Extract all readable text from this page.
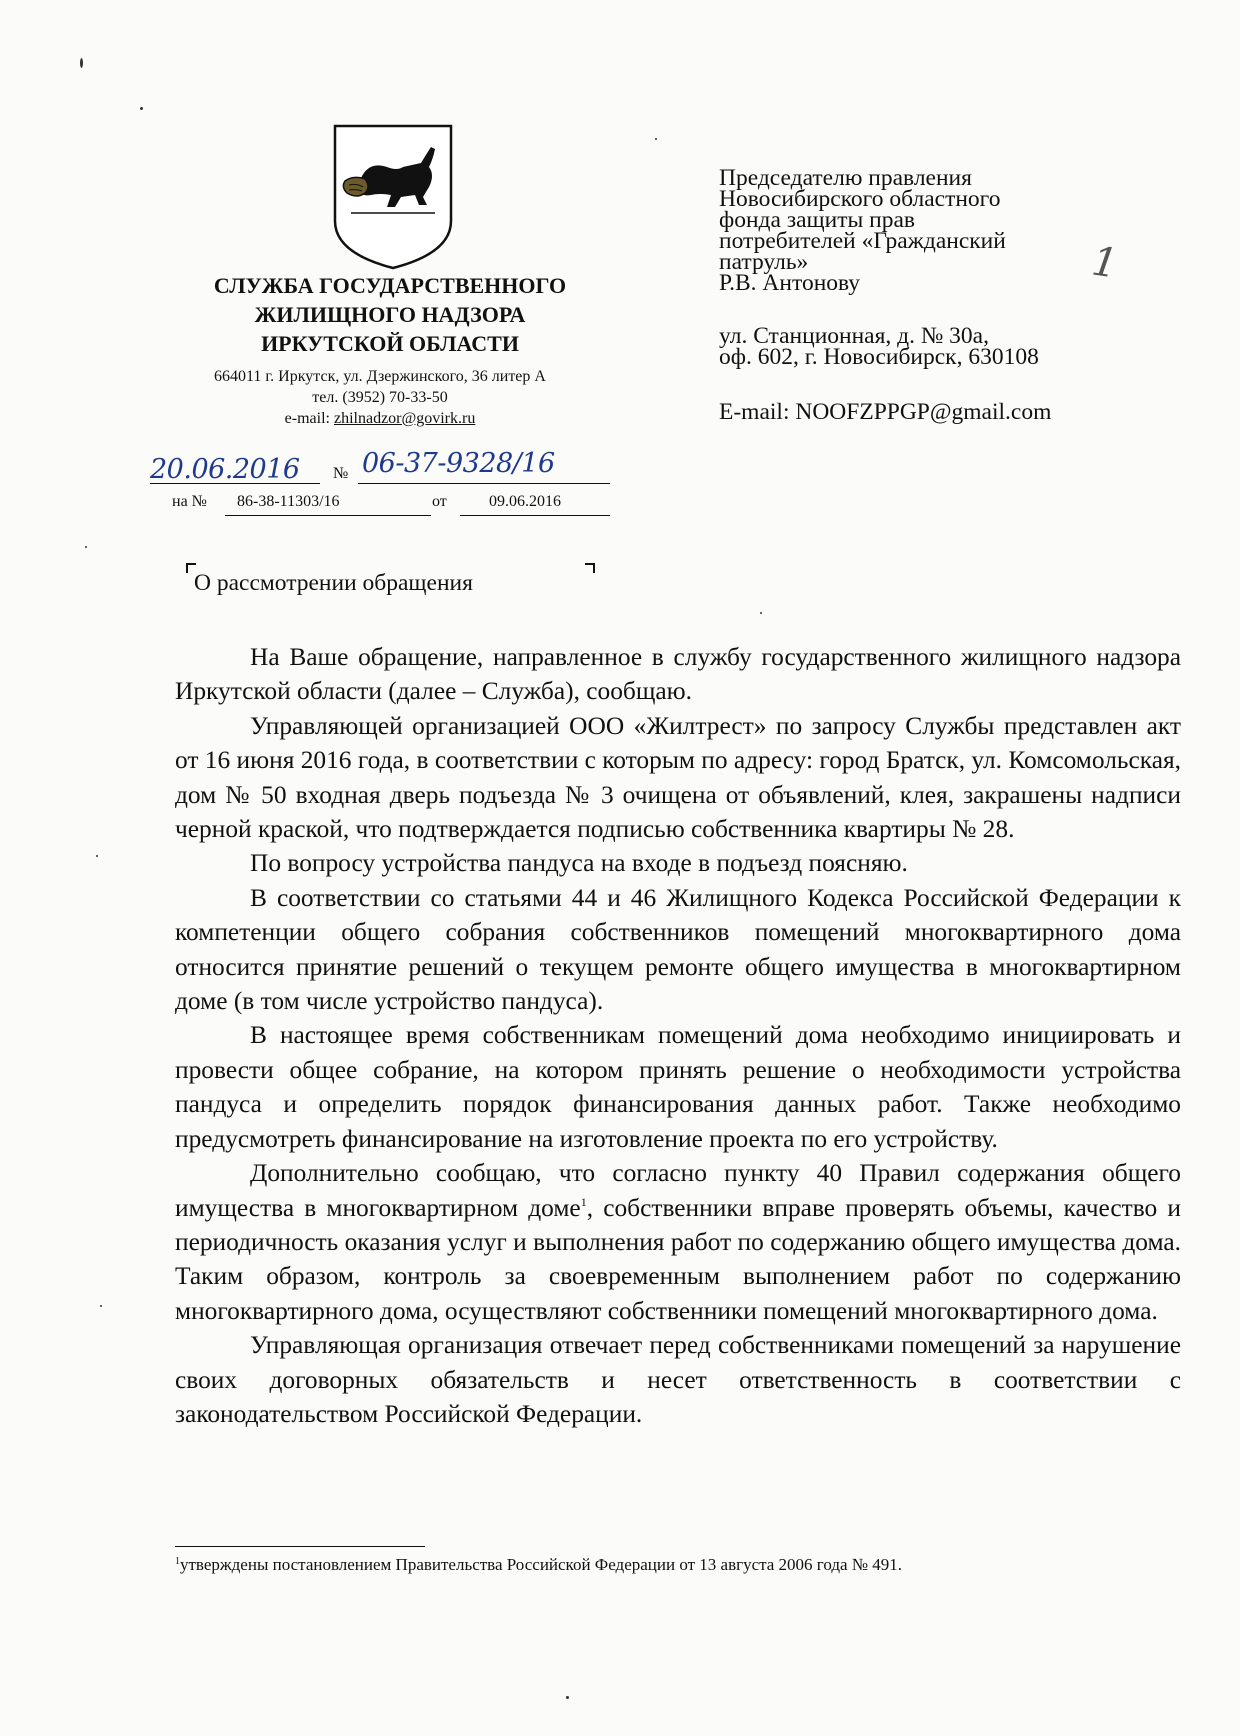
СЛУЖБА ГОСУДАРСТВЕННОГО
ЖИЛИЩНОГО НАДЗОРА
ИРКУТСКОЙ ОБЛАСТИ
664011 г. Иркутск, ул. Дзержинского, 36 литер А
тел. (3952) 70-33-50
e-mail: zhilnadzor@govirk.ru
20.06.2016 № 06-37-9328/16
на № 86-38-11303/16	от	09.06.2016
Председателю правления
Новосибирского областного
фонда защиты прав
потребителей «Гражданский
патруль»
Р.В. Антонову
ул. Станционная, д. № 30а,
оф. 602, г. Новосибирск, 630108
E-mail: NOOFZPPGP@gmail.com
1
О рассмотрении обращения

На Ваше обращение, направленное в службу государственного жилищного надзора Иркутской области (далее – Служба), сообщаю.

Управляющей организацией ООО «Жилтрест» по запросу Службы представлен акт от 16 июня 2016 года, в соответствии с которым по адресу: город Братск, ул. Комсомольская, дом № 50 входная дверь подъезда № 3 очищена от объявлений, клея, закрашены надписи черной краской, что подтверждается подписью собственника квартиры № 28.

По вопросу устройства пандуса на входе в подъезд поясняю.

В соответствии со статьями 44 и 46 Жилищного Кодекса Российской Федерации к компетенции общего собрания собственников помещений многоквартирного дома относится принятие решений о текущем ремонте общего имущества в многоквартирном доме (в том числе устройство пандуса).

В настоящее время собственникам помещений дома необходимо инициировать и провести общее собрание, на котором принять решение о необходимости устройства пандуса и определить порядок финансирования данных работ. Также необходимо предусмотреть финансирование на изготовление проекта по его устройству.

Дополнительно сообщаю, что согласно пункту 40 Правил содержания общего имущества в многоквартирном доме$^1$, собственники вправе проверять объемы, качество и периодичность оказания услуг и выполнения работ по содержанию общего имущества дома. Таким образом, контроль за своевременным выполнением работ по содержанию многоквартирного дома, осуществляют собственники помещений многоквартирного дома.

Управляющая организация отвечает перед собственниками помещений за нарушение своих договорных обязательств и несет ответственность в соответствии с законодательством Российской Федерации.

$^1$утверждены постановлением Правительства Российской Федерации от 13 августа 2006 года № 491.
